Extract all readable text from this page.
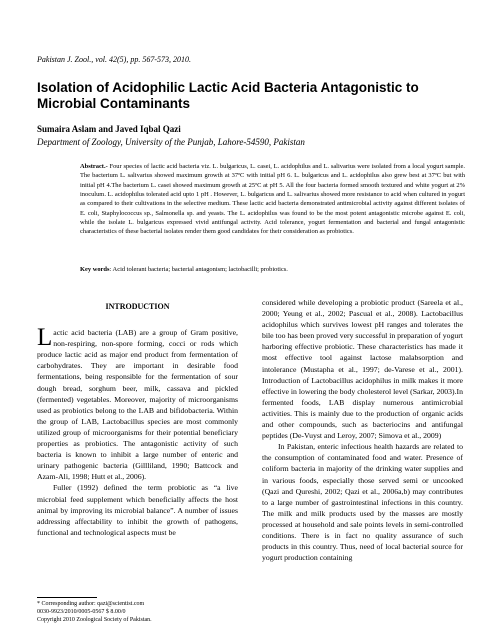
Pakistan J. Zool., vol. 42(5), pp. 567-573, 2010.
Isolation of Acidophilic Lactic Acid Bacteria Antagonistic to Microbial Contaminants
Sumaira Aslam and Javed Iqbal Qazi
Department of Zoology, University of the Punjab, Lahore-54590, Pakistan
Abstract.- Four species of lactic acid bacteria viz. L. bulgaricus, L. casei, L. acidophilus and L. salivarius were isolated from a local yogurt sample. The bacterium L. salivarius showed maximum growth at 37ºC with initial pH 6. L. bulgaricus and L. acidophilus also grew best at 37ºC but with initial pH 4.The bacterium L. casei showed maximum growth at 25ºC at pH 5. All the four bacteria formed smooth textured and white yogurt at 2% inoculum. L. acidophilus tolerated acid upto 1 pH . However, L. bulgaricus and L. salivarius showed more resistance to acid when cultured in yogurt as compared to their cultivations in the selective medium. These lactic acid bacteria demonstrated antimicrobial activity against different isolates of E. coli, Staphylococcus sp., Salmonella sp. and yeasts. The L. acidophilus was found to be the most potent antagonistic microbe against E. coli, while the isolate L. bulgaricus expressed vivid antifungal activity. Acid tolerance, yogurt fermentation and bacterial and fungal antagonistic characteristics of these bacterial isolates render them good candidates for their consideration as probiotics.
Key words: Acid tolerant bacteria; bacterial antagonism; lactobacilli; probiotics.
INTRODUCTION

Lactic acid bacteria (LAB) are a group of Gram positive, non-respiring, non-spore forming, cocci or rods which produce lactic acid as major end product from fermentation of carbohydrates. They are important in desirable food fermentations, being responsible for the fermentation of sour dough bread, sorghum beer, milk, cassava and pickled (fermented) vegetables. Moreover, majority of microorganisms used as probiotics belong to the LAB and bifidobacteria. Within the group of LAB, Lactobacillus species are most commonly utilized group of microorganisms for their potential beneficiary properties as probiotics. The antagonistic activity of such bacteria is known to inhibit a large number of enteric and urinary pathogenic bacteria (Gillliland, 1990; Battcock and Azam-Ali, 1998; Hutt et al., 2006).

Fuller (1992) defined the term probiotic as “a live microbial feed supplement which beneficially affects the host animal by improving its microbial balance”. A number of issues addressing affectability to inhibit the growth of pathogens, functional and technological aspects must be

considered while developing a probiotic product (Sareela et al., 2000; Yeung et al., 2002; Pascual et al., 2008). Lactobacillus acidophilus which survives lowest pH ranges and tolerates the bile too has been proved very successful in preparation of yogurt harboring effective probiotic. These characteristics has made it most effective tool against lactose malabsorption and intolerance (Mustapha et al., 1997; de-Varese et al., 2001). Introduction of Lactobacillus acidophilus in milk makes it more effective in lowering the body cholesterol level (Sarkar, 2003).In fermented foods, LAB display numerous antimicrobial activities. This is mainly due to the production of organic acids and other compounds, such as bacteriocins and antifungal peptides (De-Vuyst and Leroy, 2007; Simova et al., 2009)

In Pakistan, enteric infectious health hazards are related to the consumption of contaminated food and water. Presence of coliform bacteria in majority of the drinking water supplies and in various foods, especially those served semi or uncooked (Qazi and Qureshi, 2002; Qazi et al., 2006a,b) may contributes to a large number of gastrointestinal infections in this country. The milk and milk products used by the masses are mostly processed at household and sale points levels in semi-controlled conditions. There is in fact no quality assurance of such products in this country. Thus, need of local bacterial source for yogurt production containing

* Corresponding author: qazi@scientist.com
0030-9923/2010/0005-0567 $ 8.00/0
Copyright 2010 Zoological Society of Pakistan.
